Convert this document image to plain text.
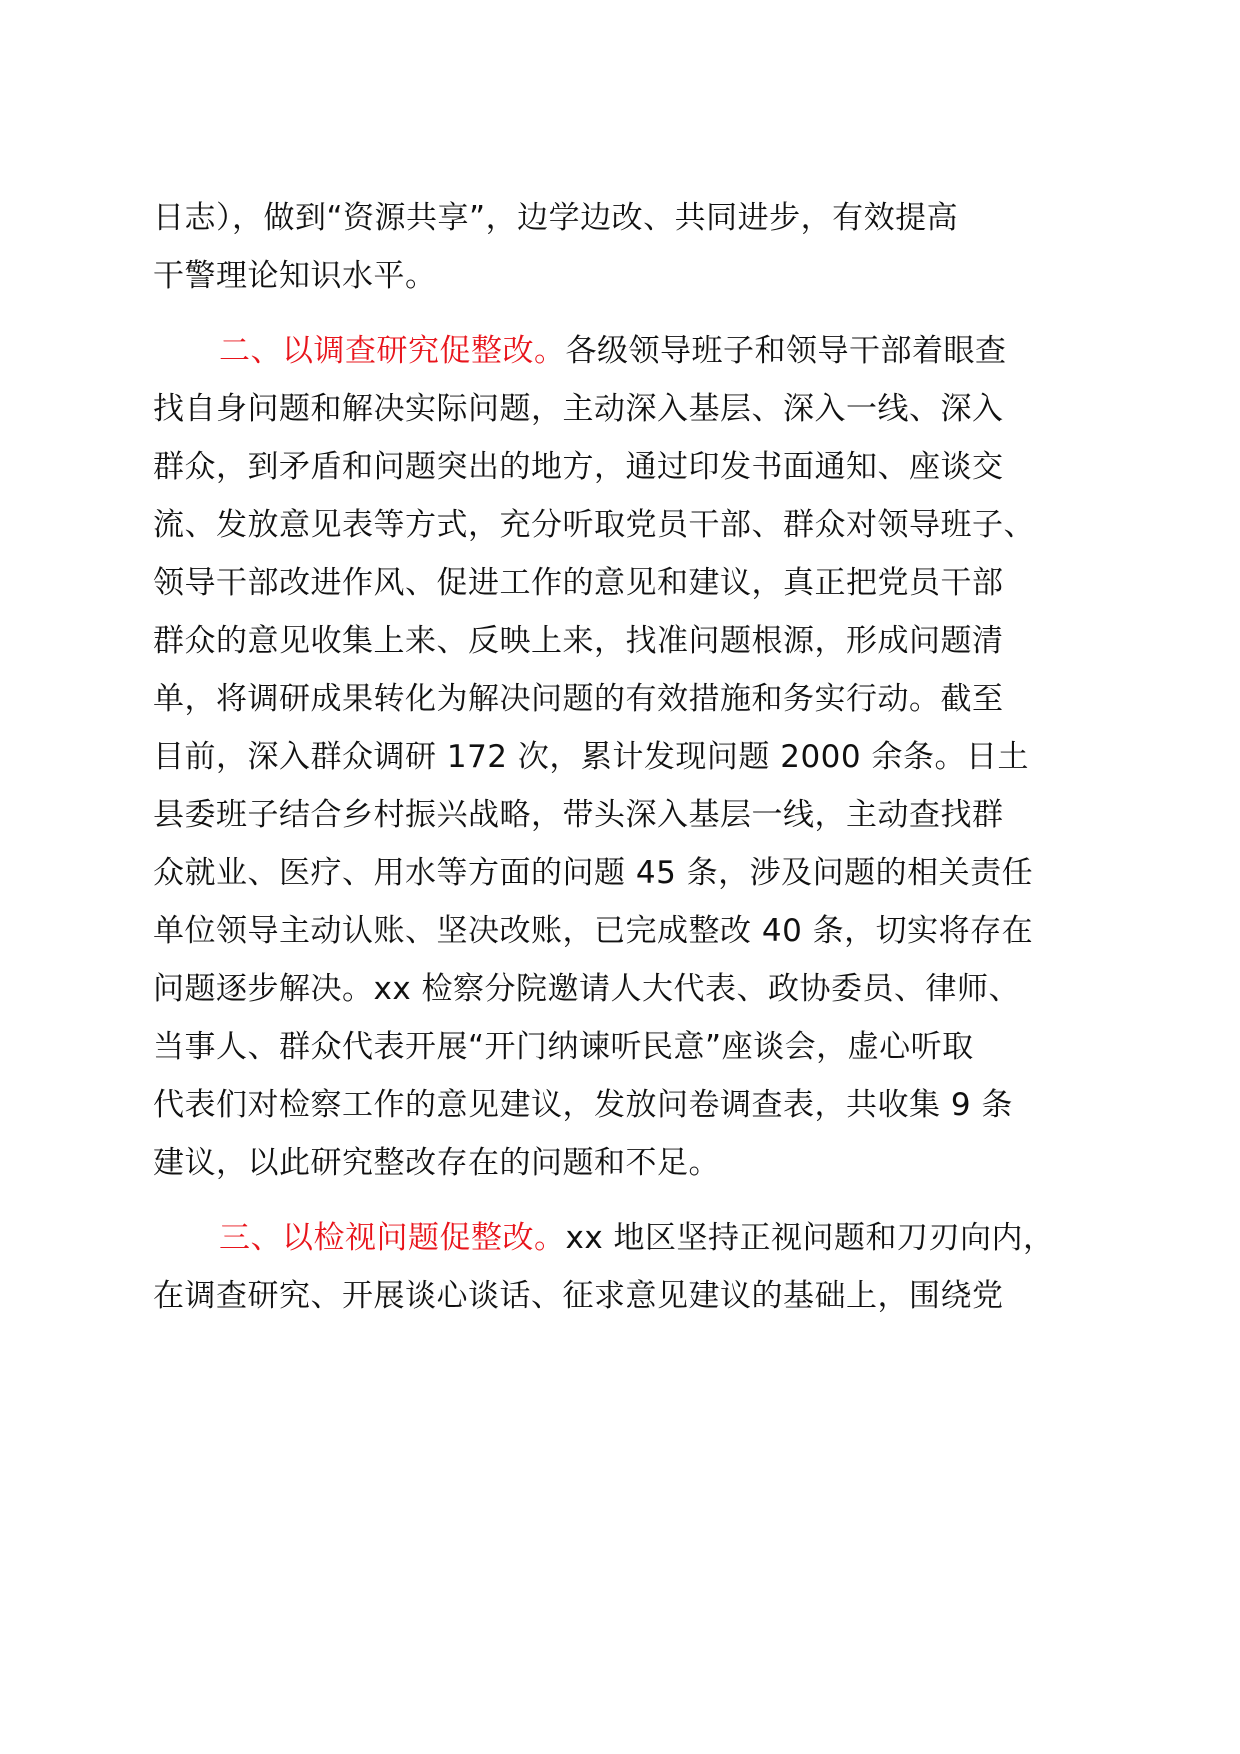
日志），做到“资源共享”，边学边改、共同进步，有效提高
干警理论知识水平。
二、以调查研究促整改。各级领导班子和领导干部着眼查
找自身问题和解决实际问题，主动深入基层、深入一线、深入
群众，到矛盾和问题突出的地方，通过印发书面通知、座谈交
流、发放意见表等方式，充分听取党员干部、群众对领导班子、
领导干部改进作风、促进工作的意见和建议，真正把党员干部
群众的意见收集上来、反映上来，找准问题根源，形成问题清
单，将调研成果转化为解决问题的有效措施和务实行动。截至
目前，深入群众调研 172 次，累计发现问题 2000 余条。日土
县委班子结合乡村振兴战略，带头深入基层一线，主动查找群
众就业、医疗、用水等方面的问题 45 条，涉及问题的相关责任
单位领导主动认账、坚决改账，已完成整改 40 条，切实将存在
问题逐步解决。xx 检察分院邀请人大代表、政协委员、律师、
当事人、群众代表开展“开门纳谏听民意”座谈会，虚心听取
代表们对检察工作的意见建议，发放问卷调查表，共收集 9 条
建议，以此研究整改存在的问题和不足。
三、以检视问题促整改。xx 地区坚持正视问题和刀刃向内，
在调查研究、开展谈心谈话、征求意见建议的基础上，围绕党
